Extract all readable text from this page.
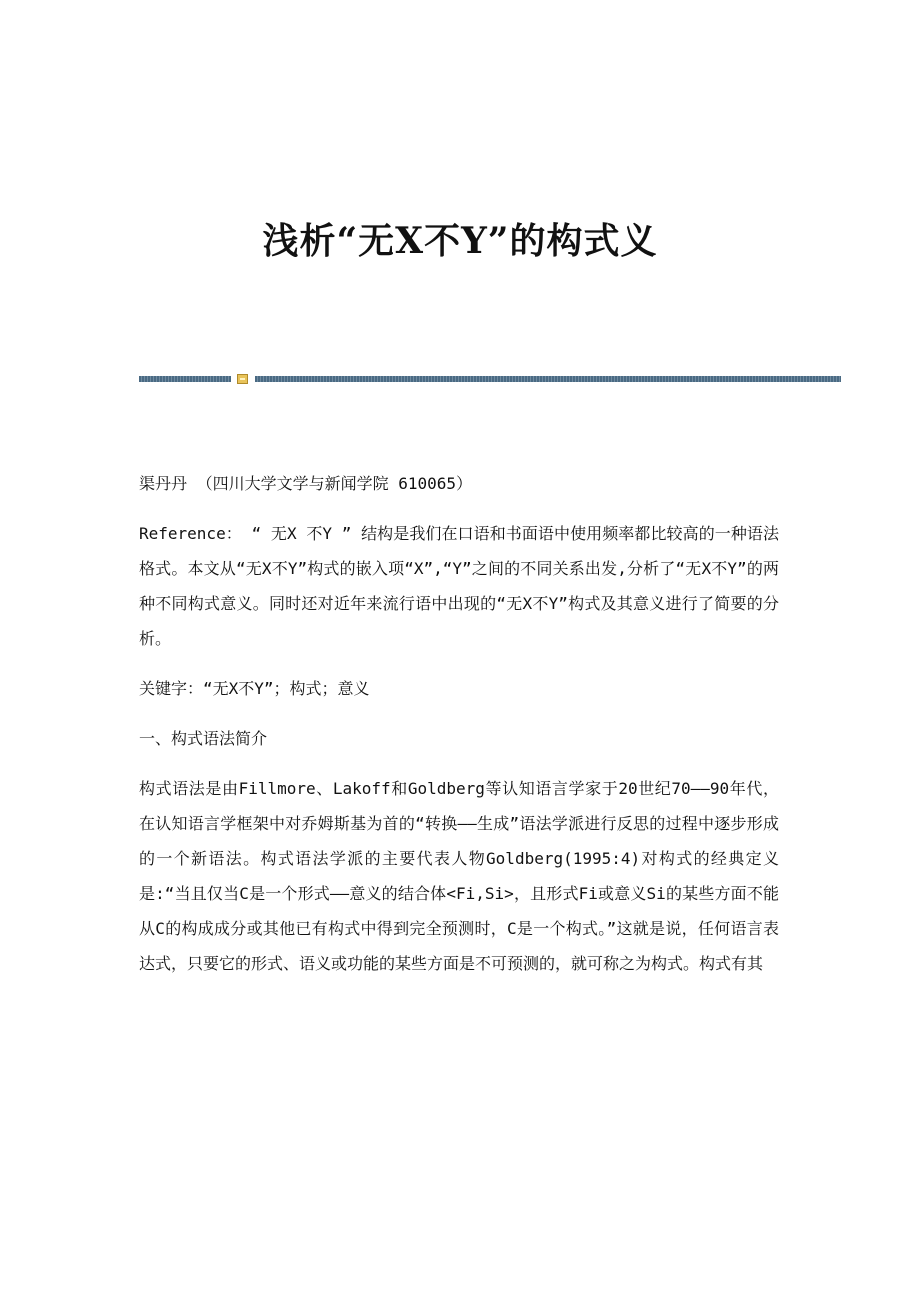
浅析“无X不Y”的构式义

渠丹丹 （四川大学文学与新闻学院 610065）

Reference： “ 无X 不Y ” 结构是我们在口语和书面语中使用频率都比较高的一种语法格式。本文从“无X不Y”构式的嵌入项“X”,“Y”之间的不同关系出发,分析了“无X不Y”的两种不同构式意义。同时还对近年来流行语中出现的“无X不Y”构式及其意义进行了简要的分析。

关键字：“无X不Y”；构式；意义

一、构式语法简介

构式语法是由Fillmore、Lakoff和Goldberg等认知语言学家于20世纪70——90年代，在认知语言学框架中对乔姆斯基为首的“转换——生成”语法学派进行反思的过程中逐步形成的一个新语法。构式语法学派的主要代表人物Goldberg(1995:4)对构式的经典定义是:“当且仅当C是一个形式——意义的结合体<Fi,Si>，且形式Fi或意义Si的某些方面不能从C的构成成分或其他已有构式中得到完全预测时，C是一个构式。”这就是说，任何语言表达式，只要它的形式、语义或功能的某些方面是不可预测的，就可称之为构式。构式有其
